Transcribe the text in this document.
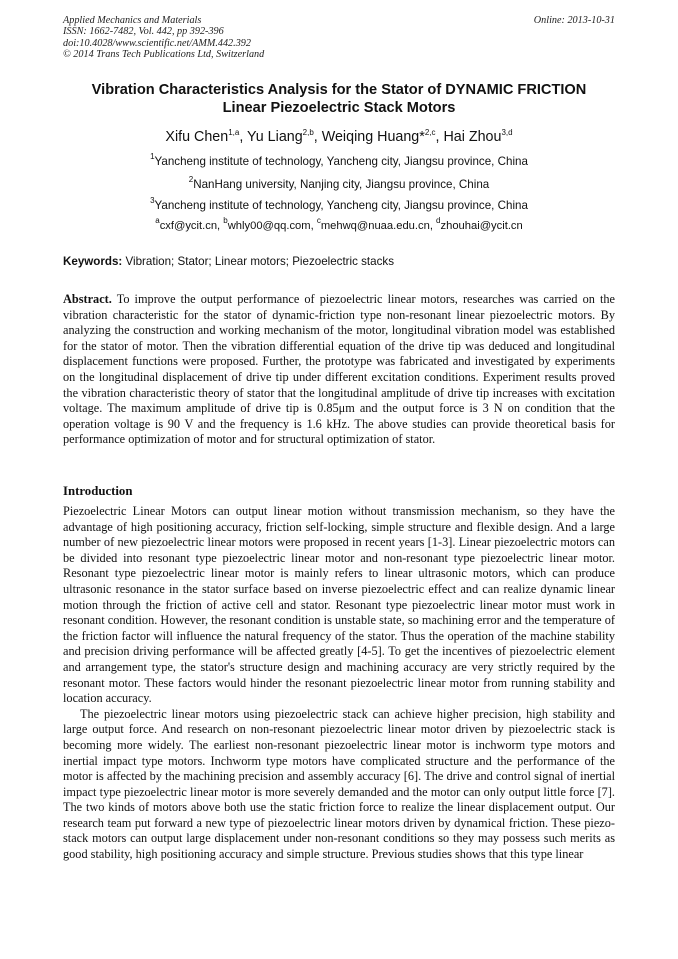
Applied Mechanics and Materials
ISSN: 1662-7482, Vol. 442, pp 392-396
doi:10.4028/www.scientific.net/AMM.442.392
© 2014 Trans Tech Publications Ltd, Switzerland
Online: 2013-10-31
Vibration Characteristics Analysis for the Stator of DYNAMIC FRICTION
Linear Piezoelectric Stack Motors
Xifu Chen$^{1,a}$, Yu Liang$^{2,b}$, Weiqing Huang*$^{2,c}$, Hai Zhou$^{3,d}$
$^1$Yancheng institute of technology, Yancheng city, Jiangsu province, China
$^2$NanHang university, Nanjing city, Jiangsu province, China
$^3$Yancheng institute of technology, Yancheng city, Jiangsu province, China
$^a$cxf@ycit.cn, $^b$whly00@qq.com, $^c$mehwq@nuaa.edu.cn, $^d$zhouhai@ycit.cn
Keywords: Vibration; Stator; Linear motors; Piezoelectric stacks
Abstract. To improve the output performance of piezoelectric linear motors, researches was carried on the vibration characteristic for the stator of dynamic-friction type non-resonant linear piezoelectric motors. By analyzing the construction and working mechanism of the motor, longitudinal vibration model was established for the stator of motor. Then the vibration differential equation of the drive tip was deduced and longitudinal displacement functions were proposed. Further, the prototype was fabricated and investigated by experiments on the longitudinal displacement of drive tip under different excitation conditions. Experiment results proved the vibration characteristic theory of stator that the longitudinal amplitude of drive tip increases with excitation voltage. The maximum amplitude of drive tip is 0.85μm and the output force is 3 N on condition that the operation voltage is 90 V and the frequency is 1.6 kHz. The above studies can provide theoretical basis for performance optimization of motor and for structural optimization of stator.
Introduction

Piezoelectric Linear Motors can output linear motion without transmission mechanism, so they have the advantage of high positioning accuracy, friction self-locking, simple structure and flexible design. And a large number of new piezoelectric linear motors were proposed in recent years [1-3]. Linear piezoelectric motors can be divided into resonant type piezoelectric linear motor and non-resonant type piezoelectric linear motor. Resonant type piezoelectric linear motor is mainly refers to linear ultrasonic motors, which can produce ultrasonic resonance in the stator surface based on inverse piezoelectric effect and can realize dynamic linear motion through the friction of active cell and stator. Resonant type piezoelectric linear motor must work in resonant condition. However, the resonant condition is unstable state, so machining error and the temperature of the friction factor will influence the natural frequency of the stator. Thus the operation of the machine stability and precision driving performance will be affected greatly [4-5]. To get the incentives of piezoelectric element and arrangement type, the stator's structure design and machining accuracy are very strictly required by the resonant motor. These factors would hinder the resonant piezoelectric linear motor from running stability and location accuracy.

The piezoelectric linear motors using piezoelectric stack can achieve higher precision, high stability and large output force. And research on non-resonant piezoelectric linear motor driven by piezoelectric stack is becoming more widely. The earliest non-resonant piezoelectric linear motor is inchworm type motors and inertial impact type motors. Inchworm type motors have complicated structure and the performance of the motor is affected by the machining precision and assembly accuracy [6]. The drive and control signal of inertial impact type piezoelectric linear motor is more severely demanded and the motor can only output little force [7]. The two kinds of motors above both use the static friction force to realize the linear displacement output. Our research team put forward a new type of piezoelectric linear motors driven by dynamical friction. These piezo-stack motors can output large displacement under non-resonant conditions so they may possess such merits as good stability, high positioning accuracy and simple structure. Previous studies shows that this type linear
